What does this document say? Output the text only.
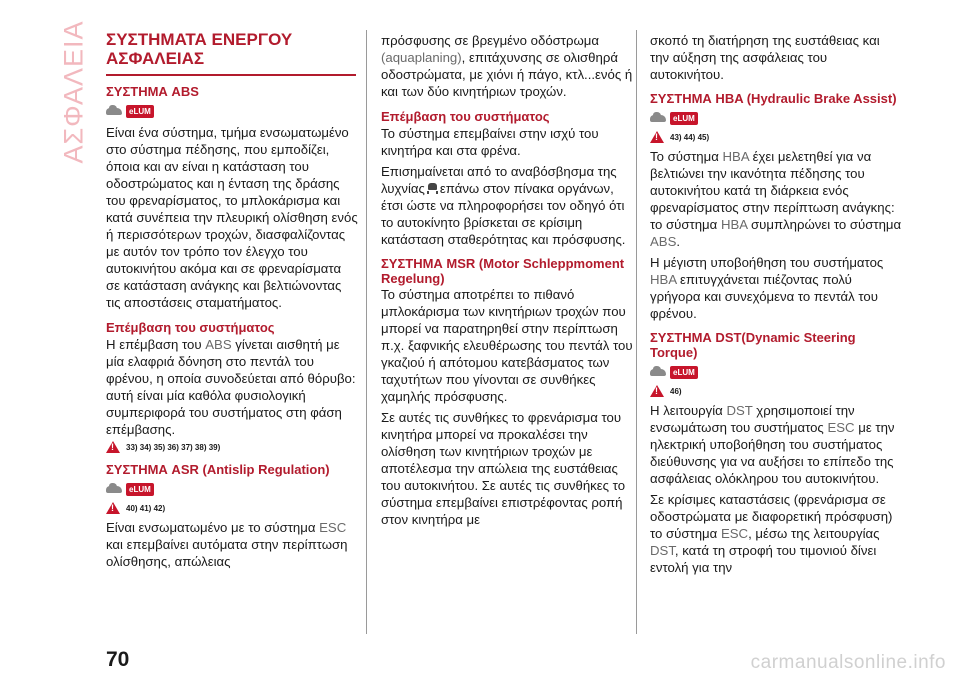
ΑΣΦΑΛΕΙΑ ΣΥΣΤΗΜΑΤΑ ΕΝΕΡΓΟΥ ΑΣΦΑΛΕΙΑΣ
ΣΥΣΤΗΜΑ ABS
eLUM

Είναι ένα σύστημα, τμήμα ενσωματωμένο στο σύστημα πέδησης, που εμποδίζει, όποια και αν είναι η κατάσταση του οδοστρώματος και η ένταση της δράσης του φρεναρίσματος, το μπλοκάρισμα και κατά συνέπεια την πλευρική ολίσθηση ενός ή περισσότερων τροχών, διασφαλίζοντας με αυτόν τον τρόπο τον έλεγχο του αυτοκινήτου ακόμα και σε φρεναρίσματα σε κατάσταση ανάγκης και βελτιώνοντας τις αποστάσεις σταματήματος.

Επέμβαση του συστήματος

Η επέμβαση του ABS γίνεται αισθητή με μία ελαφριά δόνηση στο πεντάλ του φρένου, η οποία συνοδεύεται από θόρυβο: αυτή είναι μία καθόλα φυσιολογική συμπεριφορά του συστήματος στη φάση επέμβασης.

!
33) 34) 35) 36) 37) 38) 39)
ΣΥΣΤΗΜΑ ASR (Antislip Regulation)
eLUM
!
40) 41) 42)

Είναι ενσωματωμένο με το σύστημα ESC και επεμβαίνει αυτόματα στην περίπτωση ολίσθησης, απώλειας

πρόσφυσης σε βρεγμένο οδόστρωμα (aquaplaning), επιτάχυνσης σε ολισθηρά οδοστρώματα, με χιόνι ή πάγο, κτλ...ενός ή και των δύο κινητήριων τροχών.

Επέμβαση του συστήματος

Το σύστημα επεμβαίνει στην ισχύ του κινητήρα και στα φρένα.

Επισημαίνεται από το αναβόσβησμα της λυχνίας επάνω στον πίνακα οργάνων, έτσι ώστε να πληροφορήσει τον οδηγό ότι το αυτοκίνητο βρίσκεται σε κρίσιμη κατάσταση σταθερότητας και πρόσφυσης.

ΣΥΣΤΗΜΑ MSR (Motor Schleppmoment Regelung)

Το σύστημα αποτρέπει το πιθανό μπλοκάρισμα των κινητήριων τροχών που μπορεί να παρατηρηθεί στην περίπτωση π.χ. ξαφνικής ελευθέρωσης του πεντάλ του γκαζιού ή απότομου κατεβάσματος των ταχυτήτων που γίνονται σε συνθήκες χαμηλής πρόσφυσης.

Σε αυτές τις συνθήκες το φρενάρισμα του κινητήρα μπορεί να προκαλέσει την ολίσθηση των κινητήριων τροχών με αποτέλεσμα την απώλεια της ευστάθειας του αυτοκινήτου. Σε αυτές τις συνθήκες το σύστημα επεμβαίνει επιστρέφοντας ροπή στον κινητήρα με

σκοπό τη διατήρηση της ευστάθειας και την αύξηση της ασφάλειας του αυτοκινήτου.

ΣΥΣΤΗΜΑ HBA (Hydraulic Brake Assist)
eLUM
!
43) 44) 45)

Το σύστημα HBA έχει μελετηθεί για να βελτιώνει την ικανότητα πέδησης του αυτοκινήτου κατά τη διάρκεια ενός φρεναρίσματος στην περίπτωση ανάγκης: το σύστημα HBA συμπληρώνει το σύστημα ABS.

Η μέγιστη υποβοήθηση του συστήματος HBA επιτυγχάνεται πιέζοντας πολύ γρήγορα και συνεχόμενα το πεντάλ του φρένου.

ΣΥΣΤΗΜΑ DST(Dynamic Steering Torque)
eLUM
!
46)

Η λειτουργία DST χρησιμοποιεί την ενσωμάτωση του συστήματος ESC με την ηλεκτρική υποβοήθηση του συστήματος διεύθυνσης για να αυξήσει το επίπεδο της ασφάλειας ολόκληρου του αυτοκινήτου.

Σε κρίσιμες καταστάσεις (φρενάρισμα σε οδοστρώματα με διαφορετική πρόσφυση) το σύστημα ESC, μέσω της λειτουργίας DST, κατά τη στροφή του τιμονιού δίνει εντολή για την

70	carmanualsonline.info
